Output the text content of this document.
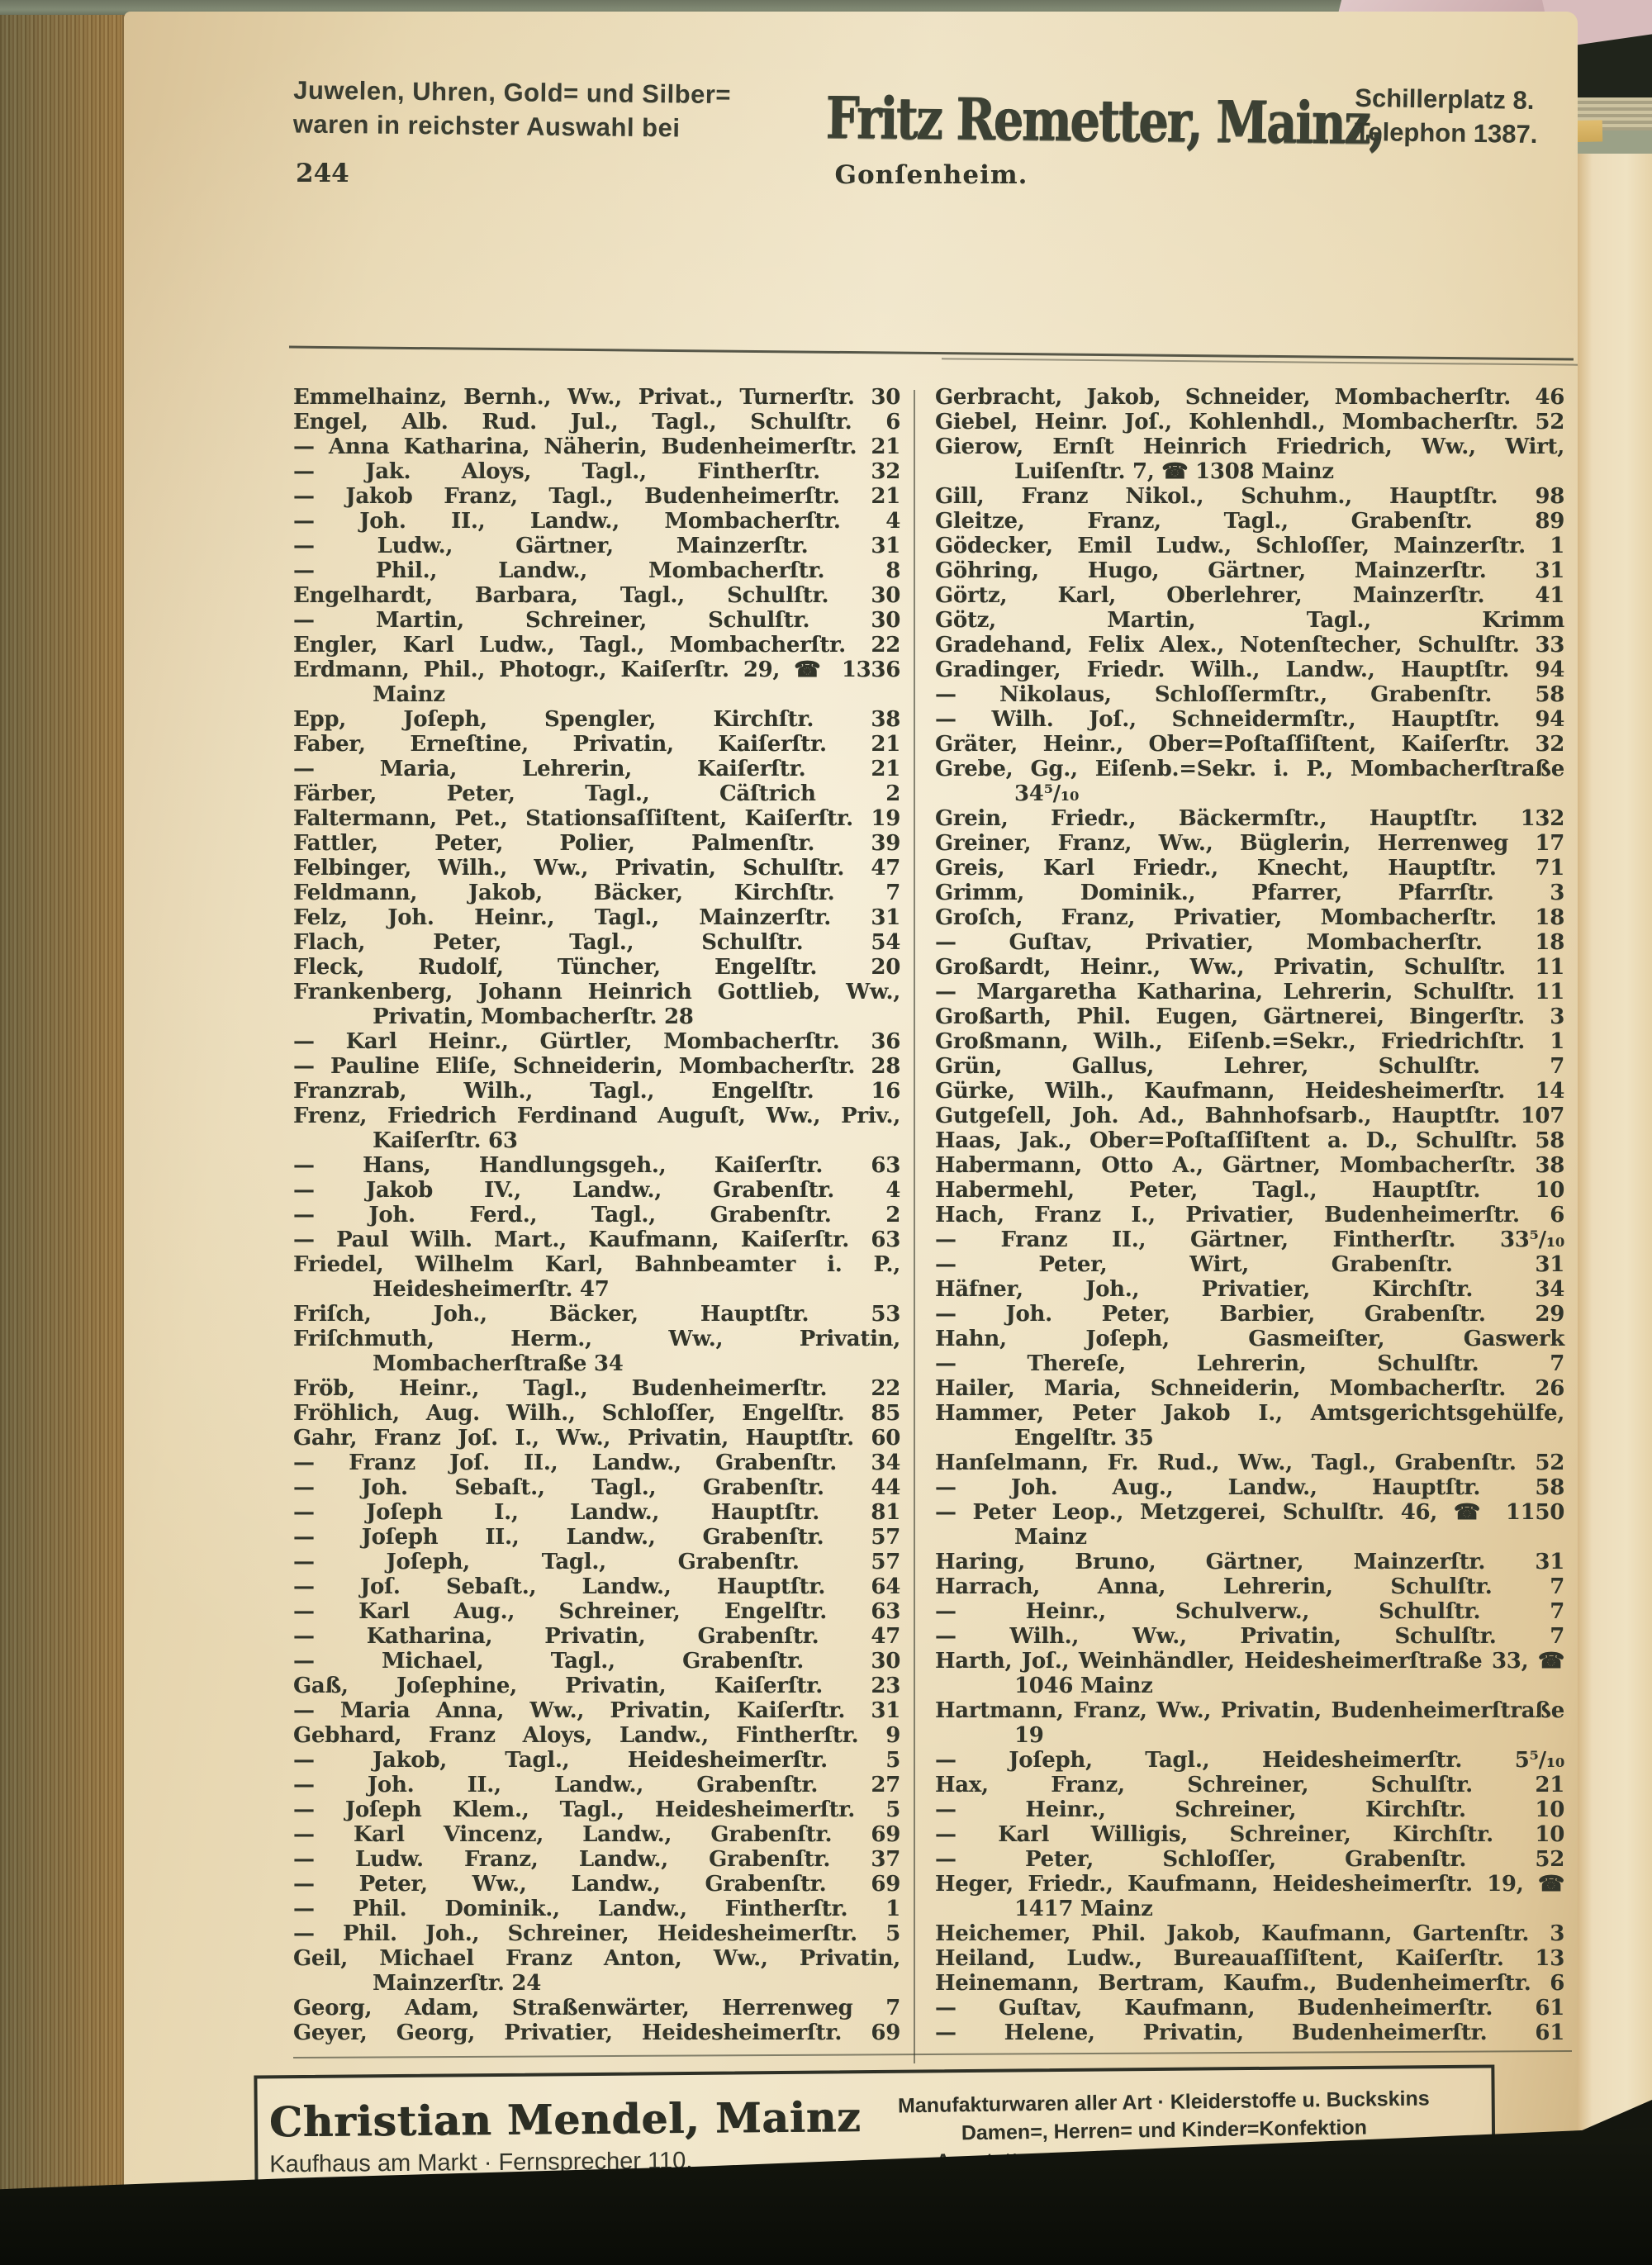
Juwelen, Uhren, Gold= und Silber=
waren in reichster Auswahl bei	Fritz Remetter, Mainz,
Schillerplatz 8.
Telephon 1387.
244	Gonſenheim.
Emmelhainz, Bernh., Ww., Privat., Turnerſtr. 30
Engel, Alb. Rud. Jul., Tagl., Schulſtr. 6
— Anna Katharina, Näherin, Budenheimerſtr. 21
— Jak. Aloys, Tagl., Fintherſtr. 32
— Jakob Franz, Tagl., Budenheimerſtr. 21
— Joh. II., Landw., Mombacherſtr. 4
— Ludw., Gärtner, Mainzerſtr. 31
— Phil., Landw., Mombacherſtr. 8
Engelhardt, Barbara, Tagl., Schulſtr. 30
— Martin, Schreiner, Schulſtr. 30
Engler, Karl Ludw., Tagl., Mombacherſtr. 22
Erdmann, Phil., Photogr., Kaiſerſtr. 29, ☎ 1336 Mainz
Epp, Joſeph, Spengler, Kirchſtr. 38
Faber, Erneſtine, Privatin, Kaiſerſtr. 21
— Maria, Lehrerin, Kaiſerſtr. 21
Färber, Peter, Tagl., Cäſtrich 2
Faltermann, Pet., Stationsaſſiſtent, Kaiſerſtr. 19
Fattler, Peter, Polier, Palmenſtr. 39
Felbinger, Wilh., Ww., Privatin, Schulſtr. 47
Feldmann, Jakob, Bäcker, Kirchſtr. 7
Felz, Joh. Heinr., Tagl., Mainzerſtr. 31
Flach, Peter, Tagl., Schulſtr. 54
Fleck, Rudolf, Tüncher, Engelſtr. 20
Frankenberg, Johann Heinrich Gottlieb, Ww., Privatin, Mombacherſtr. 28
— Karl Heinr., Gürtler, Mombacherſtr. 36
— Pauline Eliſe, Schneiderin, Mombacherſtr. 28
Franzrab, Wilh., Tagl., Engelſtr. 16
Frenz, Friedrich Ferdinand Auguſt, Ww., Priv., Kaiſerſtr. 63
— Hans, Handlungsgeh., Kaiſerſtr. 63
— Jakob IV., Landw., Grabenſtr. 4
— Joh. Ferd., Tagl., Grabenſtr. 2
— Paul Wilh. Mart., Kaufmann, Kaiſerſtr. 63
Friedel, Wilhelm Karl, Bahnbeamter i. P., Heidesheimerſtr. 47
Friſch, Joh., Bäcker, Hauptſtr. 53
Friſchmuth, Herm., Ww., Privatin, Mombacherſtraße 34
Fröb, Heinr., Tagl., Budenheimerſtr. 22
Fröhlich, Aug. Wilh., Schloſſer, Engelſtr. 85
Gahr, Franz Joſ. I., Ww., Privatin, Hauptſtr. 60
— Franz Joſ. II., Landw., Grabenſtr. 34
— Joh. Sebaſt., Tagl., Grabenſtr. 44
— Joſeph I., Landw., Hauptſtr. 81
— Joſeph II., Landw., Grabenſtr. 57
— Joſeph, Tagl., Grabenſtr. 57
— Joſ. Sebaſt., Landw., Hauptſtr. 64
— Karl Aug., Schreiner, Engelſtr. 63
— Katharina, Privatin, Grabenſtr. 47
— Michael, Tagl., Grabenſtr. 30
Gaß, Joſephine, Privatin, Kaiſerſtr. 23
— Maria Anna, Ww., Privatin, Kaiſerſtr. 31
Gebhard, Franz Aloys, Landw., Fintherſtr. 9
— Jakob, Tagl., Heidesheimerſtr. 5
— Joh. II., Landw., Grabenſtr. 27
— Joſeph Klem., Tagl., Heidesheimerſtr. 5
— Karl Vincenz, Landw., Grabenſtr. 69
— Ludw. Franz, Landw., Grabenſtr. 37
— Peter, Ww., Landw., Grabenſtr. 69
— Phil. Dominik., Landw., Fintherſtr. 1
— Phil. Joh., Schreiner, Heidesheimerſtr. 5
Geil, Michael Franz Anton, Ww., Privatin, Mainzerſtr. 24
Georg, Adam, Straßenwärter, Herrenweg 7
Geyer, Georg, Privatier, Heidesheimerſtr. 69
Gerbracht, Jakob, Schneider, Mombacherſtr. 46
Giebel, Heinr. Joſ., Kohlenhdl., Mombacherſtr. 52
Gierow, Ernſt Heinrich Friedrich, Ww., Wirt, Luiſenſtr. 7, ☎ 1308 Mainz
Gill, Franz Nikol., Schuhm., Hauptſtr. 98
Gleitze, Franz, Tagl., Grabenſtr. 89
Gödecker, Emil Ludw., Schloſſer, Mainzerſtr. 1
Göhring, Hugo, Gärtner, Mainzerſtr. 31
Görtz, Karl, Oberlehrer, Mainzerſtr. 41
Götz, Martin, Tagl., Krimm
Gradehand, Felix Alex., Notenſtecher, Schulſtr. 33
Gradinger, Friedr. Wilh., Landw., Hauptſtr. 94
— Nikolaus, Schloſſermſtr., Grabenſtr. 58
— Wilh. Joſ., Schneidermſtr., Hauptſtr. 94
Gräter, Heinr., Ober=Poſtaſſiſtent, Kaiſerſtr. 32
Grebe, Gg., Eiſenb.=Sekr. i. P., Mombacherſtraße 34⁵/₁₀
Grein, Friedr., Bäckermſtr., Hauptſtr. 132
Greiner, Franz, Ww., Büglerin, Herrenweg 17
Greis, Karl Friedr., Knecht, Hauptſtr. 71
Grimm, Dominik., Pfarrer, Pfarrſtr. 3
Groſch, Franz, Privatier, Mombacherſtr. 18
— Guſtav, Privatier, Mombacherſtr. 18
Großardt, Heinr., Ww., Privatin, Schulſtr. 11
— Margaretha Katharina, Lehrerin, Schulſtr. 11
Großarth, Phil. Eugen, Gärtnerei, Bingerſtr. 3
Großmann, Wilh., Eiſenb.=Sekr., Friedrichſtr. 1
Grün, Gallus, Lehrer, Schulſtr. 7
Gürke, Wilh., Kaufmann, Heidesheimerſtr. 14
Gutgeſell, Joh. Ad., Bahnhofsarb., Hauptſtr. 107
Haas, Jak., Ober=Poſtaſſiſtent a. D., Schulſtr. 58
Habermann, Otto A., Gärtner, Mombacherſtr. 38
Habermehl, Peter, Tagl., Hauptſtr. 10
Hach, Franz I., Privatier, Budenheimerſtr. 6
— Franz II., Gärtner, Fintherſtr. 33⁵/₁₀
— Peter, Wirt, Grabenſtr. 31
Häfner, Joh., Privatier, Kirchſtr. 34
— Joh. Peter, Barbier, Grabenſtr. 29
Hahn, Joſeph, Gasmeiſter, Gaswerk
— Thereſe, Lehrerin, Schulſtr. 7
Hailer, Maria, Schneiderin, Mombacherſtr. 26
Hammer, Peter Jakob I., Amtsgerichtsgehülfe, Engelſtr. 35
Hanſelmann, Fr. Rud., Ww., Tagl., Grabenſtr. 52
— Joh. Aug., Landw., Hauptſtr. 58
— Peter Leop., Metzgerei, Schulſtr. 46, ☎ 1150 Mainz
Haring, Bruno, Gärtner, Mainzerſtr. 31
Harrach, Anna, Lehrerin, Schulſtr. 7
— Heinr., Schulverw., Schulſtr. 7
— Wilh., Ww., Privatin, Schulſtr. 7
Harth, Joſ., Weinhändler, Heidesheimerſtraße 33, ☎ 1046 Mainz
Hartmann, Franz, Ww., Privatin, Budenheimerſtraße 19
— Joſeph, Tagl., Heidesheimerſtr. 5⁵/₁₀
Hax, Franz, Schreiner, Schulſtr. 21
— Heinr., Schreiner, Kirchſtr. 10
— Karl Willigis, Schreiner, Kirchſtr. 10
— Peter, Schloſſer, Grabenſtr. 52
Heger, Friedr., Kaufmann, Heidesheimerſtr. 19, ☎ 1417 Mainz
Heichemer, Phil. Jakob, Kaufmann, Gartenſtr. 3
Heiland, Ludw., Bureauaſſiſtent, Kaiſerſtr. 13
Heinemann, Bertram, Kaufm., Budenheimerſtr. 6
— Guſtav, Kaufmann, Budenheimerſtr. 61
— Helene, Privatin, Budenheimerſtr. 61
Christian Mendel, Mainz
Kaufhaus am Markt · Fernsprecher 110.
Manufakturwaren aller Art · Kleiderstoffe u. Buckskins
Damen=, Herren= und Kinder=Konfektion
